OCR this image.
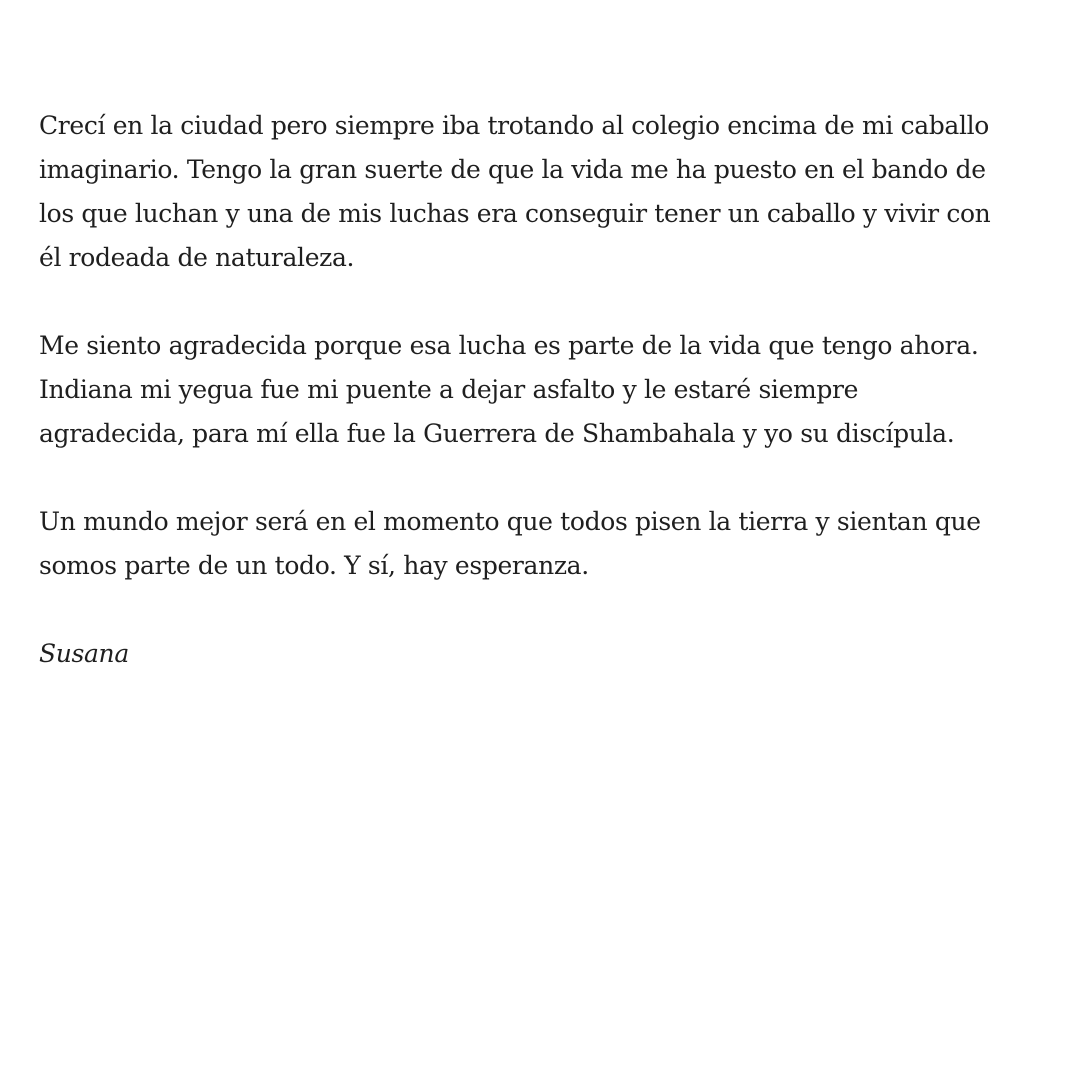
Crecí en la ciudad pero siempre iba trotando al colegio encima de mi caballo
imaginario. Tengo la gran suerte de que la vida me ha puesto en el bando de
los que luchan y una de mis luchas era conseguir tener un caballo y vivir con
él rodeada de naturaleza.

Me siento agradecida porque esa lucha es parte de la vida que tengo ahora.
Indiana mi yegua fue mi puente a dejar asfalto y le estaré siempre
agradecida, para mí ella fue la Guerrera de Shambahala y yo su discípula.

Un mundo mejor será en el momento que todos pisen la tierra y sientan que
somos parte de un todo. Y sí, hay esperanza.

Susana
